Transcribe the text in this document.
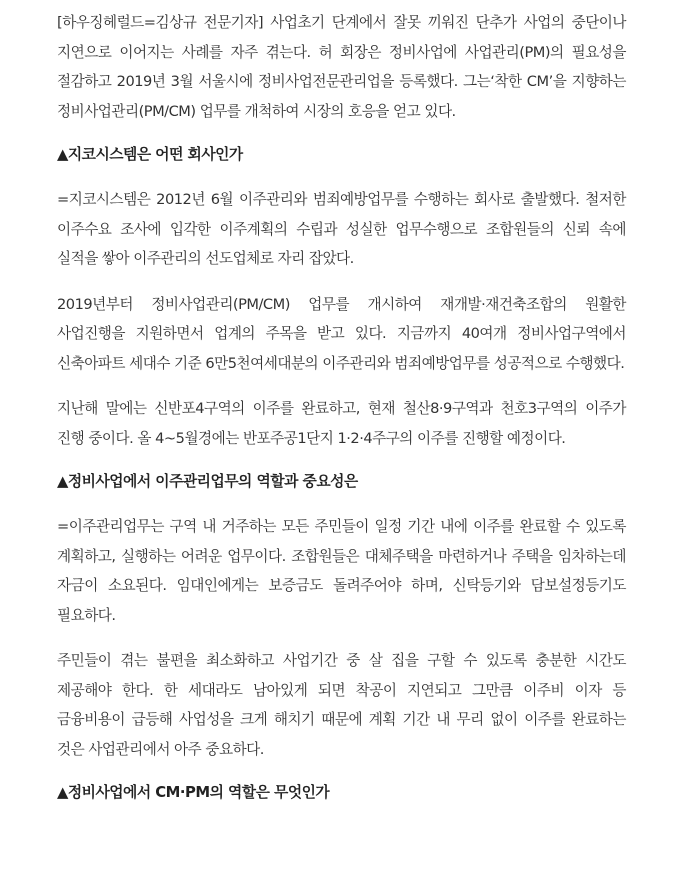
[하우징헤럴드=김상규 전문기자] 사업초기 단계에서 잘못 끼워진 단추가 사업의 중단이나 지연으로 이어지는 사례를 자주 겪는다. 허 회장은 정비사업에 사업관리(PM)의 필요성을 절감하고 2019년 3월 서울시에 정비사업전문관리업을 등록했다. 그는‘착한 CM’을 지향하는 정비사업관리(PM/CM) 업무를 개척하여 시장의 호응을 얻고 있다.

▲지코시스템은 어떤 회사인가

=지코시스템은 2012년 6월 이주관리와 범죄예방업무를 수행하는 회사로 출발했다. 철저한 이주수요 조사에 입각한 이주계획의 수립과 성실한 업무수행으로 조합원들의 신뢰 속에 실적을 쌓아 이주관리의 선도업체로 자리 잡았다.

2019년부터 정비사업관리(PM/CM) 업무를 개시하여 재개발·재건축조합의 원활한 사업진행을 지원하면서 업계의 주목을 받고 있다. 지금까지 40여개 정비사업구역에서 신축아파트 세대수 기준 6만5천여세대분의 이주관리와 범죄예방업무를 성공적으로 수행했다.

지난해 말에는 신반포4구역의 이주를 완료하고, 현재 철산8·9구역과 천호3구역의 이주가 진행 중이다. 올 4~5월경에는 반포주공1단지 1·2·4주구의 이주를 진행할 예정이다.

▲정비사업에서 이주관리업무의 역할과 중요성은

=이주관리업무는 구역 내 거주하는 모든 주민들이 일정 기간 내에 이주를 완료할 수 있도록 계획하고, 실행하는 어려운 업무이다. 조합원들은 대체주택을 마련하거나 주택을 임차하는데 자금이 소요된다. 임대인에게는 보증금도 돌려주어야 하며, 신탁등기와 담보설정등기도 필요하다.

주민들이 겪는 불편을 최소화하고 사업기간 중 살 집을 구할 수 있도록 충분한 시간도 제공해야 한다. 한 세대라도 남아있게 되면 착공이 지연되고 그만큼 이주비 이자 등 금융비용이 급등해 사업성을 크게 해치기 때문에 계획 기간 내 무리 없이 이주를 완료하는 것은 사업관리에서 아주 중요하다.

▲정비사업에서 CM·PM의 역할은 무엇인가
